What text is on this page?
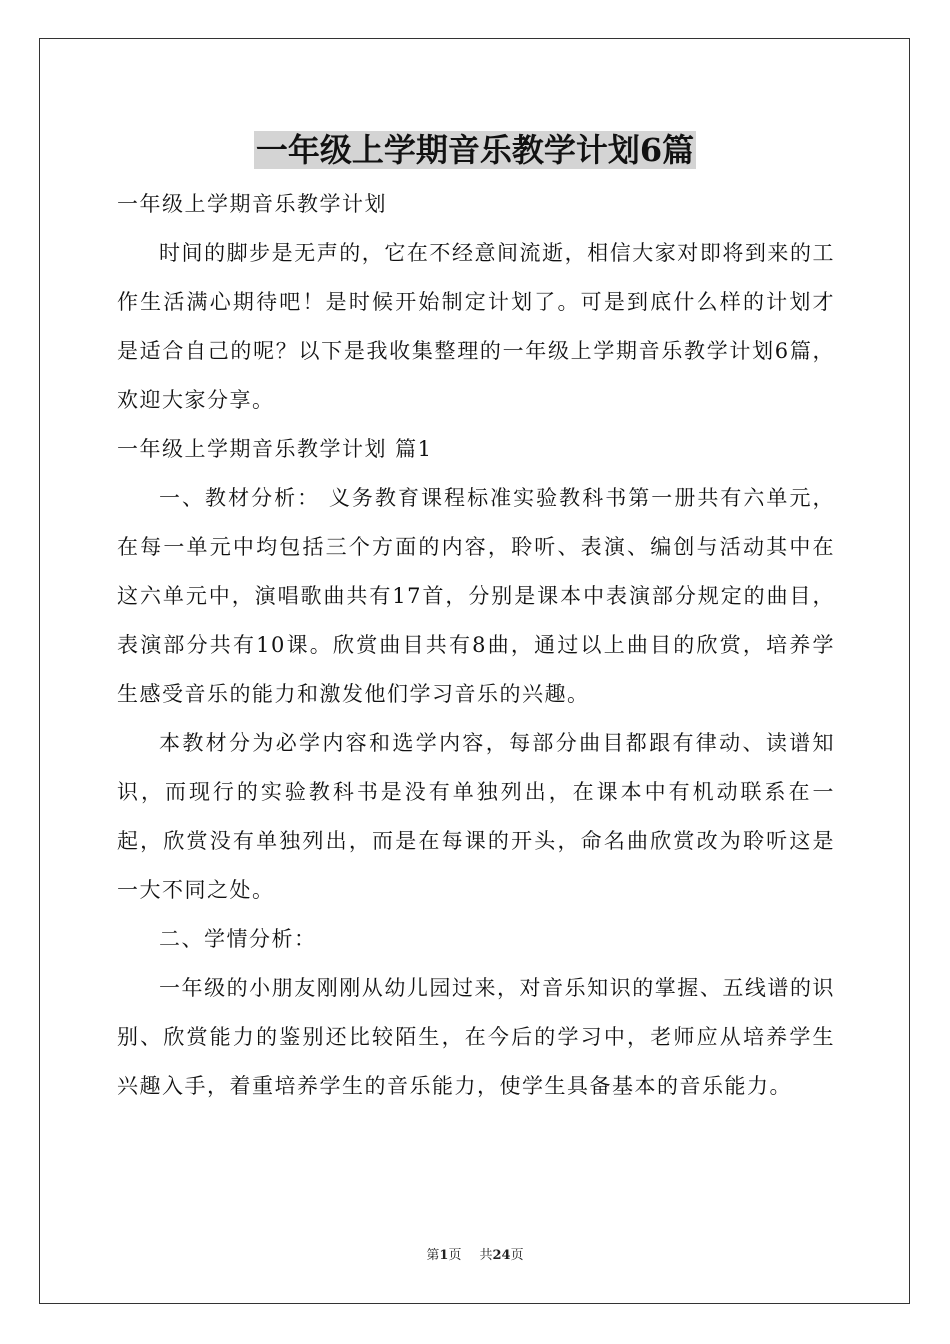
一年级上学期音乐教学计划6篇

一年级上学期音乐教学计划

时间的脚步是无声的，它在不经意间流逝，相信大家对即将到来的工作生活满心期待吧！是时候开始制定计划了。可是到底什么样的计划才是适合自己的呢？以下是我收集整理的一年级上学期音乐教学计划6篇，欢迎大家分享。

一年级上学期音乐教学计划 篇1

一、教材分析： 义务教育课程标准实验教科书第一册共有六单元，在每一单元中均包括三个方面的内容，聆听、表演、编创与活动其中在这六单元中，演唱歌曲共有17首，分别是课本中表演部分规定的曲目，表演部分共有10课。欣赏曲目共有8曲，通过以上曲目的欣赏，培养学生感受音乐的能力和激发他们学习音乐的兴趣。

本教材分为必学内容和选学内容，每部分曲目都跟有律动、读谱知识，而现行的实验教科书是没有单独列出，在课本中有机动联系在一起，欣赏没有单独列出，而是在每课的开头，命名曲欣赏改为聆听这是一大不同之处。

二、学情分析：

一年级的小朋友刚刚从幼儿园过来，对音乐知识的掌握、五线谱的识别、欣赏能力的鉴别还比较陌生，在今后的学习中，老师应从培养学生兴趣入手，着重培养学生的音乐能力，使学生具备基本的音乐能力。

第1页 共24页
